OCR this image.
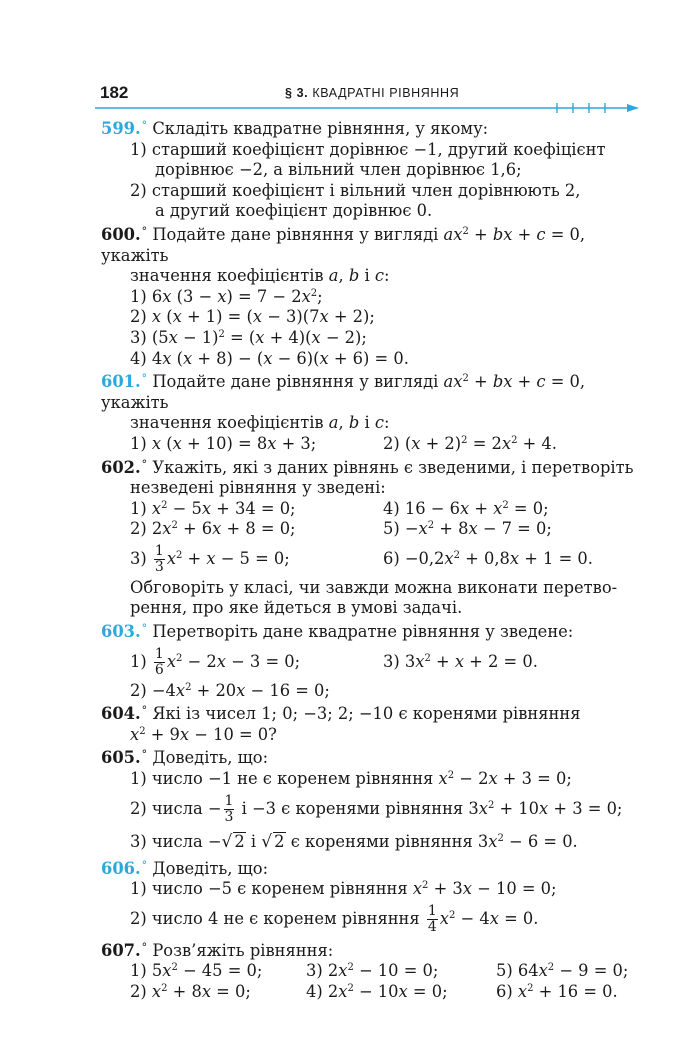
182	§ 3. КВАДРАТНІ РІВНЯННЯ

599.° Складіть квадратне рівняння, у якому:

1) старший коефіцієнт дорівнює −1, другий коефіцієнт

дорівнює −2, а вільний член дорівнює 1,6;

2) старший коефіцієнт і вільний член дорівнюють 2,

а другий коефіцієнт дорівнює 0.

600.° Подайте дане рівняння у вигляді $ax^2$ + bx + c = 0, укажіть

значення коефіцієнтів a, b і c:

1) 6x $(3 - x) = 7 - 2x^2$;

2) x (x + 1) = (x − 3)(7x + 2);

3) $(5x - 1)^2 = (x + 4)(x - 2)$;

4) 4x (x + 8) − (x − 6)(x + 6) = 0.

601.° Подайте дане рівняння у вигляді $ax^2$ + bx + c = 0, укажіть

значення коефіцієнтів a, b і c:

1) x (x + 10) = 8x + 3;	2) $(x + 2)^2 = 2x^2 + 4$.

602.° Укажіть, які з даних рівнянь є зведеними, і перетворіть

незведені рівняння у зведені:

1) $x^2 - 5x + 34 = 0$;	4) $16 - 6x + x^2 = 0$;
2) $2x^2 + 6x + 8 = 0$;	$5) -x^2 + 8x - 7 = 0$;
$3) \frac{1}{3} x^2 + x - 5 = 0$;	$6) -0,2x^2 + 0,8x + 1 = 0$.

Обговоріть у класі, чи завжди можна виконати перетво-

рення, про яке йдеться в умові задачі.

603.° Перетворіть дане квадратне рівняння у зведене:

$1) \frac{1}{6} x^2 - 2x - 3 = 0$;	3) $3x^2 + x + 2 = 0$.

$2) -4x^2 + 20x - 16 = 0$;

604.° Які із чисел 1; 0; −3; 2; −10 є коренями рівняння

$x^2 + 9x - 10 = 0$?

605.° Доведіть, що:

1) число −1 не є коренем рівняння $x^2 - 2x + 3 = 0$;

2) числа − $\frac{1}{3}$ і −3 є коренями рівняння $3x^2 + 10x + 3 = 0$;

3) числа −√ 2 і √ 2 є коренями рівняння $3x^2 - 6 = 0$.

606.° Доведіть, що:

1) число −5 є коренем рівняння $x^2 + 3x - 10 = 0$;

2) число 4 не є коренем рівняння $\frac{1}{4} x^2 - 4x = 0$.

607.° Розв’яжіть рівняння:

1) $5x^2 - 45 = 0$;	3) $2x^2 - 10 = 0$;	5) $64x^2 - 9 = 0$;
2) $x^2 + 8x = 0$;	4) $2x^2 - 10x = 0$;	6) $x^2 + 16 = 0$.
